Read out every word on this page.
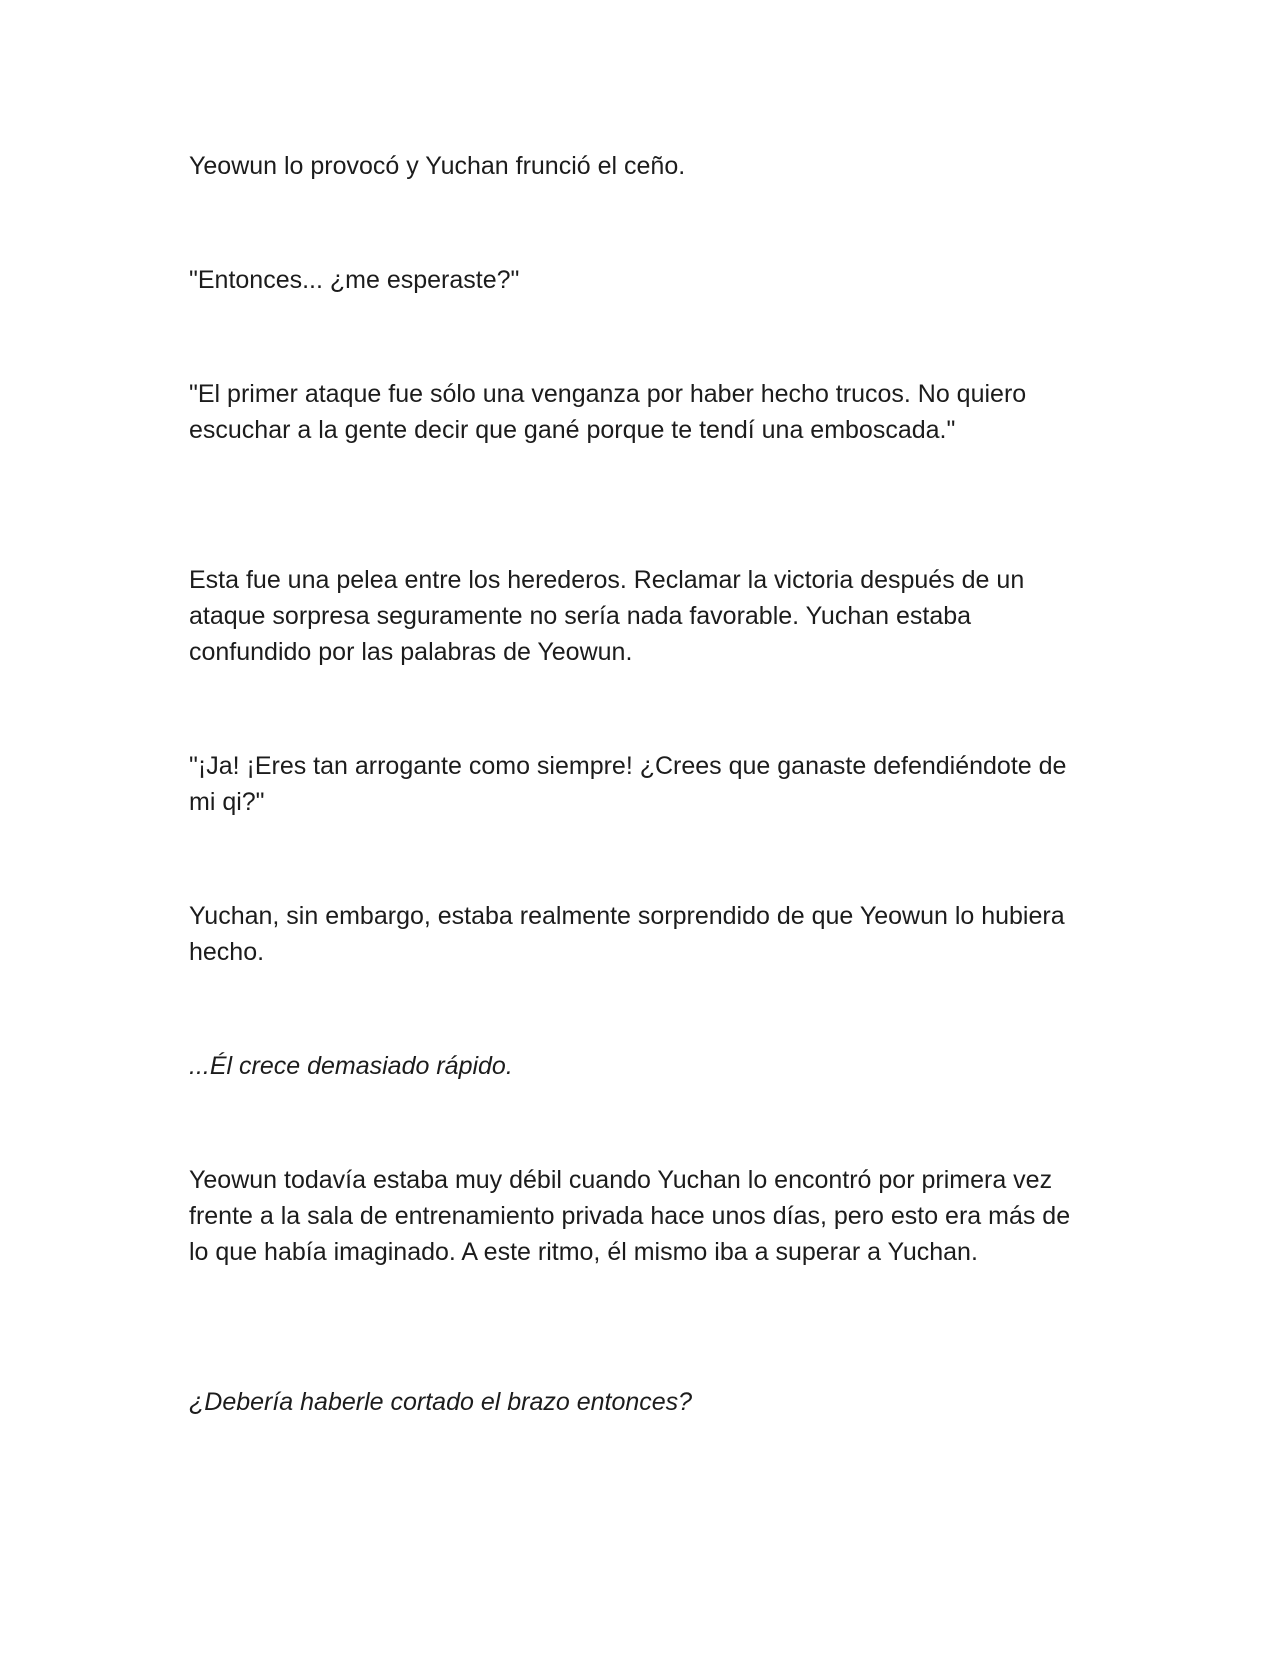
Yeowun lo provocó y Yuchan frunció el ceño.

"Entonces... ¿me esperaste?"

"El primer ataque fue sólo una venganza por haber hecho trucos. No quiero escuchar a la gente decir que gané porque te tendí una emboscada."

Esta fue una pelea entre los herederos. Reclamar la victoria después de un ataque sorpresa seguramente no sería nada favorable. Yuchan estaba confundido por las palabras de Yeowun.

"¡Ja! ¡Eres tan arrogante como siempre! ¿Crees que ganaste defendiéndote de mi qi?"

Yuchan, sin embargo, estaba realmente sorprendido de que Yeowun lo hubiera hecho.

...Él crece demasiado rápido.

Yeowun todavía estaba muy débil cuando Yuchan lo encontró por primera vez frente a la sala de entrenamiento privada hace unos días, pero esto era más de lo que había imaginado. A este ritmo, él mismo iba a superar a Yuchan.

¿Debería haberle cortado el brazo entonces?
